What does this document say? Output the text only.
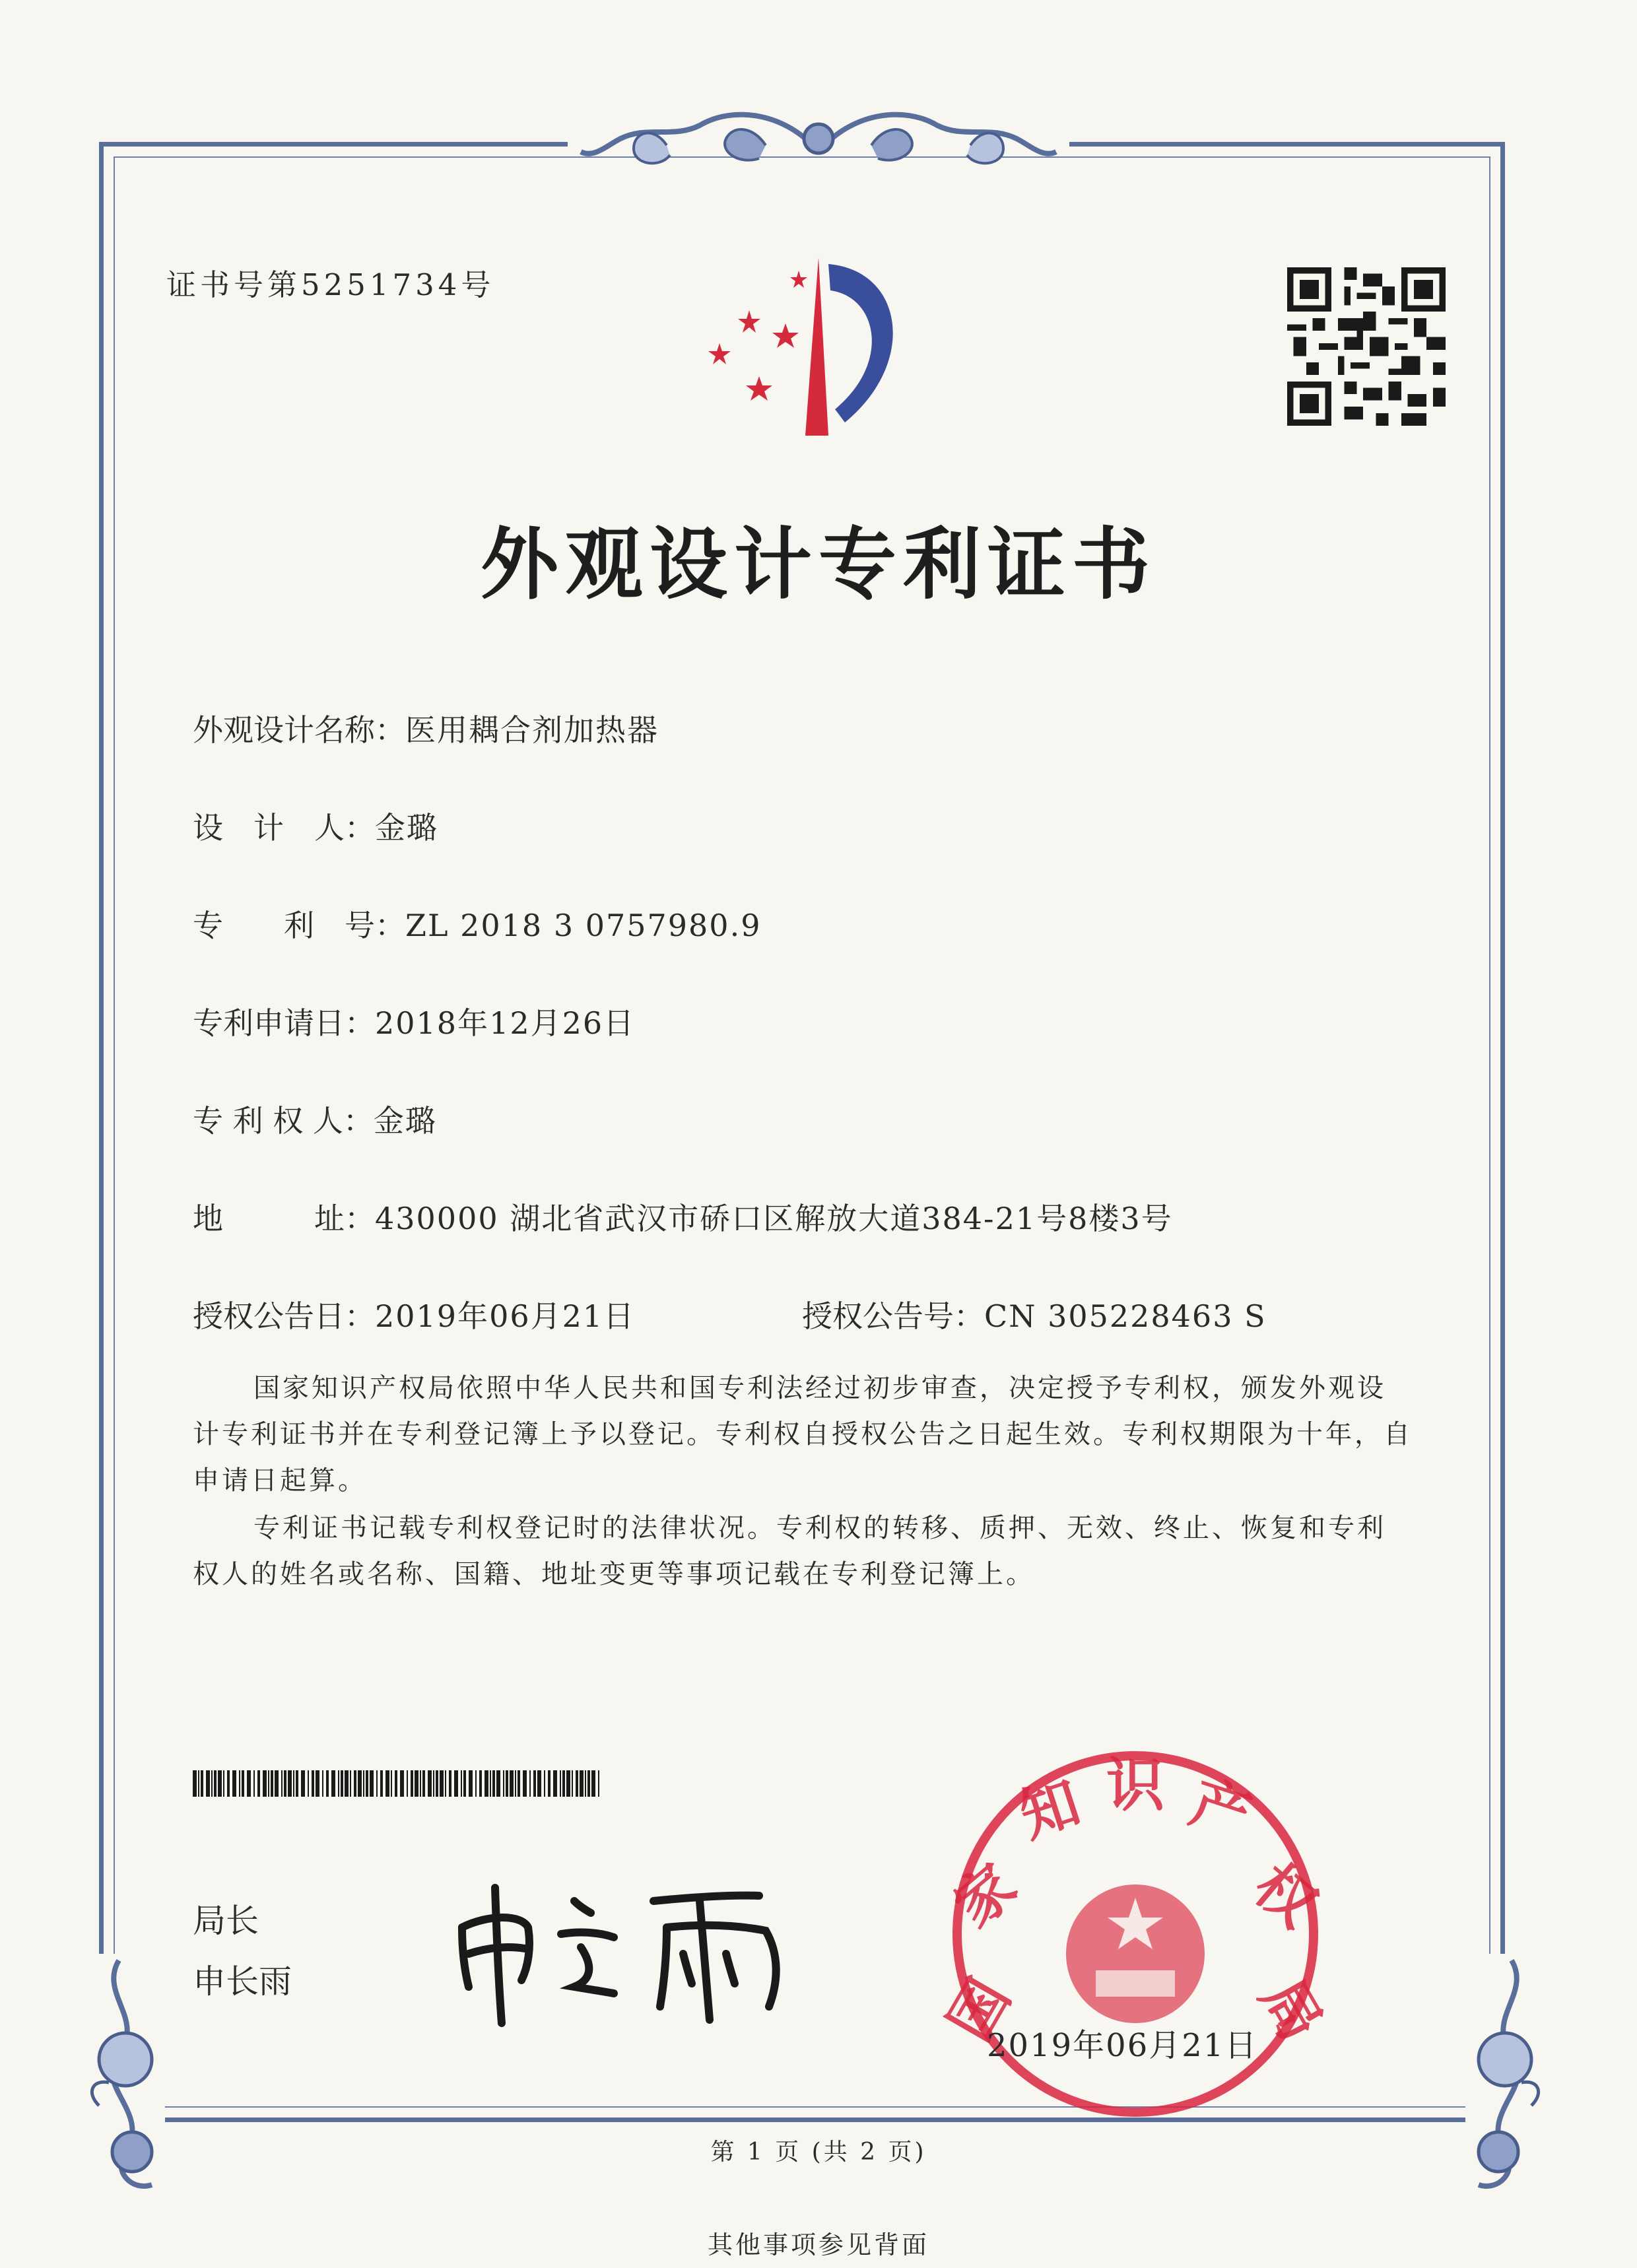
证书号第5251734号
外观设计专利证书
外观设计名称：医用耦合剂加热器
设　计　人：金璐
专　　利　号：ZL 2018 3 0757980.9
专利申请日：2018年12月26日
专 利 权 人：金璐
地　　　址：430000 湖北省武汉市硚口区解放大道384-21号8楼3号
授权公告日：2019年06月21日	授权公告号：CN 305228463 S
国家知识产权局依照中华人民共和国专利法经过初步审查，决定授予专利权，颁发外观设计专利证书并在专利登记簿上予以登记。专利权自授权公告之日起生效。专利权期限为十年，自申请日起算。
专利证书记载专利权登记时的法律状况。专利权的转移、质押、无效、终止、恢复和专利权人的姓名或名称、国籍、地址变更等事项记载在专利登记簿上。
局长
申长雨	国
家
知 识 产
权
局
2019年06月21日
第 1 页 (共 2 页)
其他事项参见背面
